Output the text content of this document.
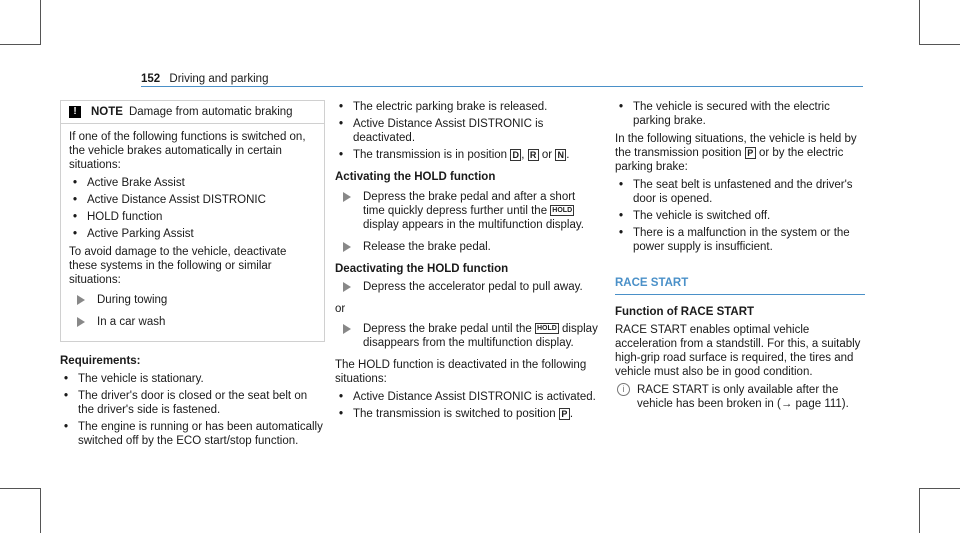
152 Driving and parking
!	NOTE Damage from automatic braking

If one of the following functions is switched on, the vehicle brakes automatically in certain situations:

• Active Brake Assist
• Active Distance Assist DISTRONIC
• HOLD function
• Active Parking Assist

To avoid damage to the vehicle, deactivate these systems in the following or similar situations:

During towing
In a car wash
Requirements:
• The vehicle is stationary.
• The driver's door is closed or the seat belt on the driver's side is fastened.
• The engine is running or has been automatically switched off by the ECO start/stop function.
• The electric parking brake is released.
• Active Distance Assist DISTRONIC is deactivated.
• The transmission is in position D , R or N .
Activating the HOLD function
Depress the brake pedal and after a short time quickly depress further until the HOLD display appears in the multifunction display.
Release the brake pedal.
Deactivating the HOLD function
Depress the accelerator pedal to pull away.

or

Depress the brake pedal until the HOLD display disappears from the multifunction display.

The HOLD function is deactivated in the following situations:

• Active Distance Assist DISTRONIC is activated.
• The transmission is switched to position P .
• The vehicle is secured with the electric parking brake.

In the following situations, the vehicle is held by the transmission position P or by the electric parking brake:

• The seat belt is unfastened and the driver's door is opened.
• The vehicle is switched off.
• There is a malfunction in the system or the power supply is insufficient.
RACE START
Function of RACE START

RACE START enables optimal vehicle acceleration from a standstill. For this, a suitably high-grip road surface is required, the tires and vehicle must also be in good condition.

i	RACE START is only available after the vehicle has been broken in (→ page 111).
